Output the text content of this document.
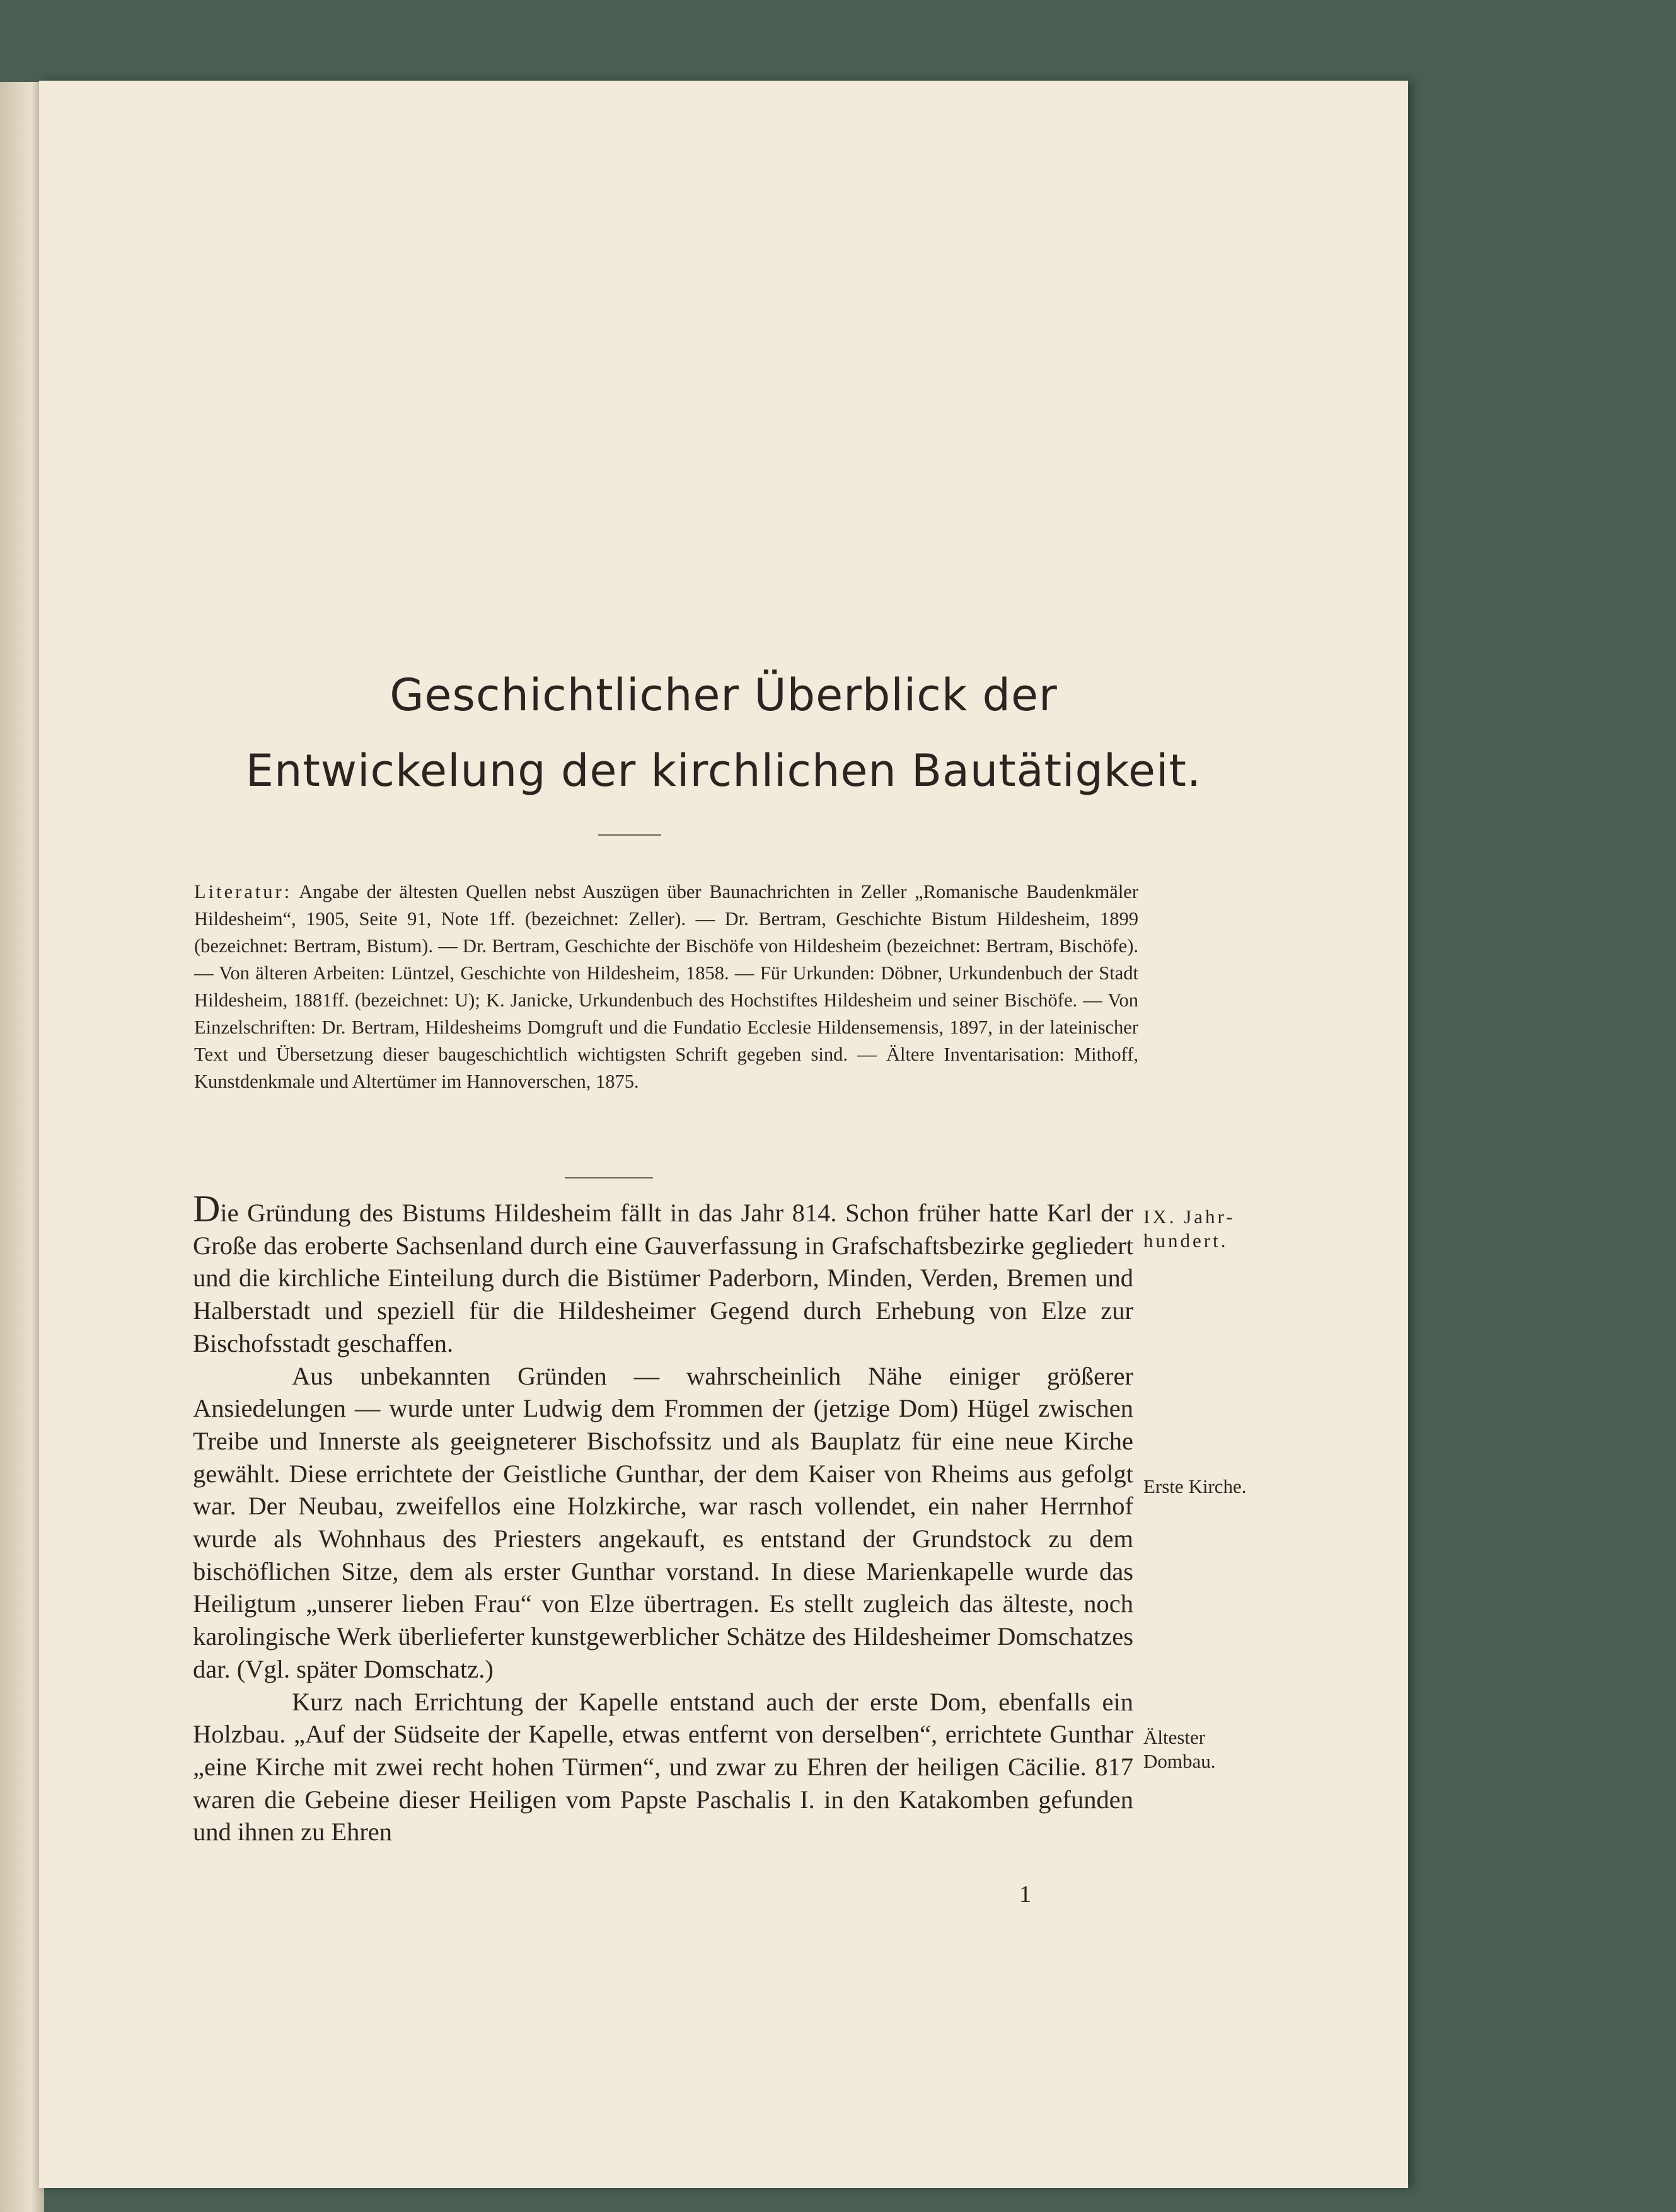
Geschichtlicher Überblick der
Entwickelung der kirchlichen Bautätigkeit.

Literatur: Angabe der ältesten Quellen nebst Auszügen über Baunachrichten in Zeller „Romanische Baudenkmäler Hildesheim“, 1905, Seite 91, Note 1ff. (bezeichnet: Zeller). — Dr. Bertram, Geschichte Bistum Hildesheim, 1899 (bezeichnet: Bertram, Bistum). — Dr. Bertram, Geschichte der Bischöfe von Hildesheim (bezeichnet: Bertram, Bischöfe). — Von älteren Arbeiten: Lüntzel, Geschichte von Hildesheim, 1858. — Für Urkunden: Döbner, Urkundenbuch der Stadt Hildesheim, 1881ff. (bezeichnet: U); K. Janicke, Urkundenbuch des Hochstiftes Hildesheim und seiner Bischöfe. — Von Einzelschriften: Dr. Bertram, Hildesheims Domgruft und die Fundatio Ecclesie Hildensemensis, 1897, in der lateinischer Text und Übersetzung dieser baugeschichtlich wichtigsten Schrift gegeben sind. — Ältere Inventarisation: Mithoff, Kunstdenkmale und Altertümer im Hannoverschen, 1875.

Die Gründung des Bistums Hildesheim fällt in das Jahr 814. Schon früher hatte Karl der Große das eroberte Sachsenland durch eine Gauverfassung in Grafschaftsbezirke gegliedert und die kirchliche Einteilung durch die Bistümer Paderborn, Minden, Verden, Bremen und Halberstadt und speziell für die Hildesheimer Gegend durch Erhebung von Elze zur Bischofsstadt geschaffen.

Aus unbekannten Gründen — wahrscheinlich Nähe einiger größerer Ansiedelungen — wurde unter Ludwig dem Frommen der (jetzige Dom) Hügel zwischen Treibe und Innerste als geeigneterer Bischofssitz und als Bauplatz für eine neue Kirche gewählt. Diese errichtete der Geistliche Gunthar, der dem Kaiser von Rheims aus gefolgt war. Der Neubau, zweifellos eine Holzkirche, war rasch vollendet, ein naher Herrnhof wurde als Wohnhaus des Priesters angekauft, es entstand der Grundstock zu dem bischöflichen Sitze, dem als erster Gunthar vorstand. In diese Marienkapelle wurde das Heiligtum „unserer lieben Frau“ von Elze übertragen. Es stellt zugleich das älteste, noch karolingische Werk überlieferter kunstgewerblicher Schätze des Hildesheimer Domschatzes dar. (Vgl. später Domschatz.)

Kurz nach Errichtung der Kapelle entstand auch der erste Dom, ebenfalls ein Holzbau. „Auf der Südseite der Kapelle, etwas entfernt von derselben“, errichtete Gunthar „eine Kirche mit zwei recht hohen Türmen“, und zwar zu Ehren der heiligen Cäcilie. 817 waren die Gebeine dieser Heiligen vom Papste Paschalis I. in den Katakomben gefunden und ihnen zu Ehren

IX. Jahr-
hundert.
Erste Kirche.
Ältester
Dombau.
1
